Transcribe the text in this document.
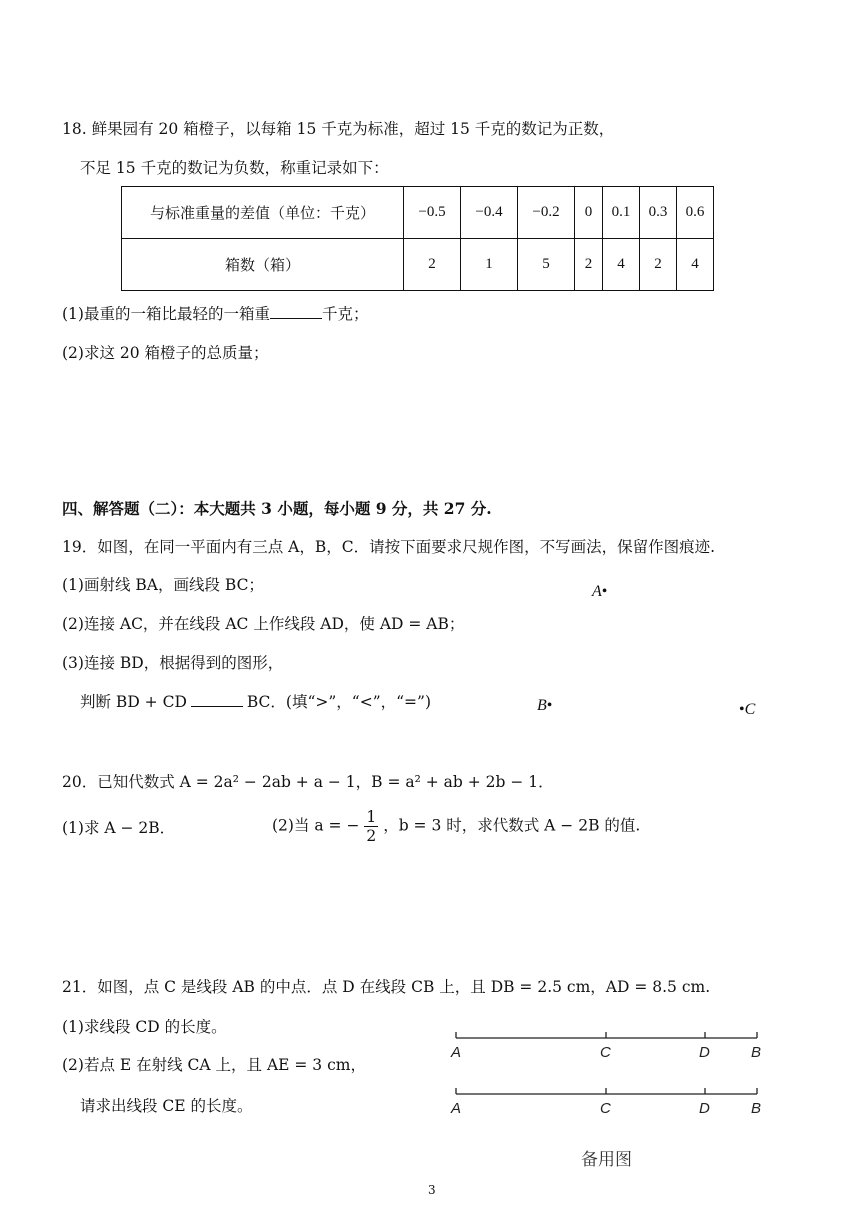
18. 鲜果园有 20 箱橙子，以每箱 15 千克为标准，超过 15 千克的数记为正数，
不足 15 千克的数记为负数，称重记录如下：
与标准重量的差值（单位：千克）	−0.5	−0.4	−0.2	0	0.1	0.3	0.6
箱数（箱）	2	1	5	2	4	2	4
(1)最重的一箱比最轻的一箱重	千克；
(2)求这 20 箱橙子的总质量；
四、解答题（二）：本大题共 3 小题，每小题 9 分，共 27 分.
19．如图，在同一平面内有三点 A，B，C．请按下面要求尺规作图，不写画法，保留作图痕迹.
(1)画射线 BA，画线段 BC；
(2)连接 AC，并在线段 AC 上作线段 AD，使 AD = AB；
(3)连接 BD，根据得到的图形，
判断 BD + CD	BC．(填“>”，“<”，“=”)
A•
B•	•C
20．已知代数式 A = 2a² − 2ab + a − 1，B = a² + ab + 2b − 1．
(1)求 A − 2B．	(2)当 a = − $\frac{1}{2}$ ，b = 3 时，求代数式 A − 2B 的值.
21．如图，点 C 是线段 AB 的中点．点 D 在线段 CB 上，且 DB = 2.5 cm，AD = 8.5 cm.
(1)求线段 CD 的长度。
(2)若点 E 在射线 CA 上，且 AE = 3 cm，
请求出线段 CE 的长度。
A	C	D	B
A	C	D	B
备用图
3
